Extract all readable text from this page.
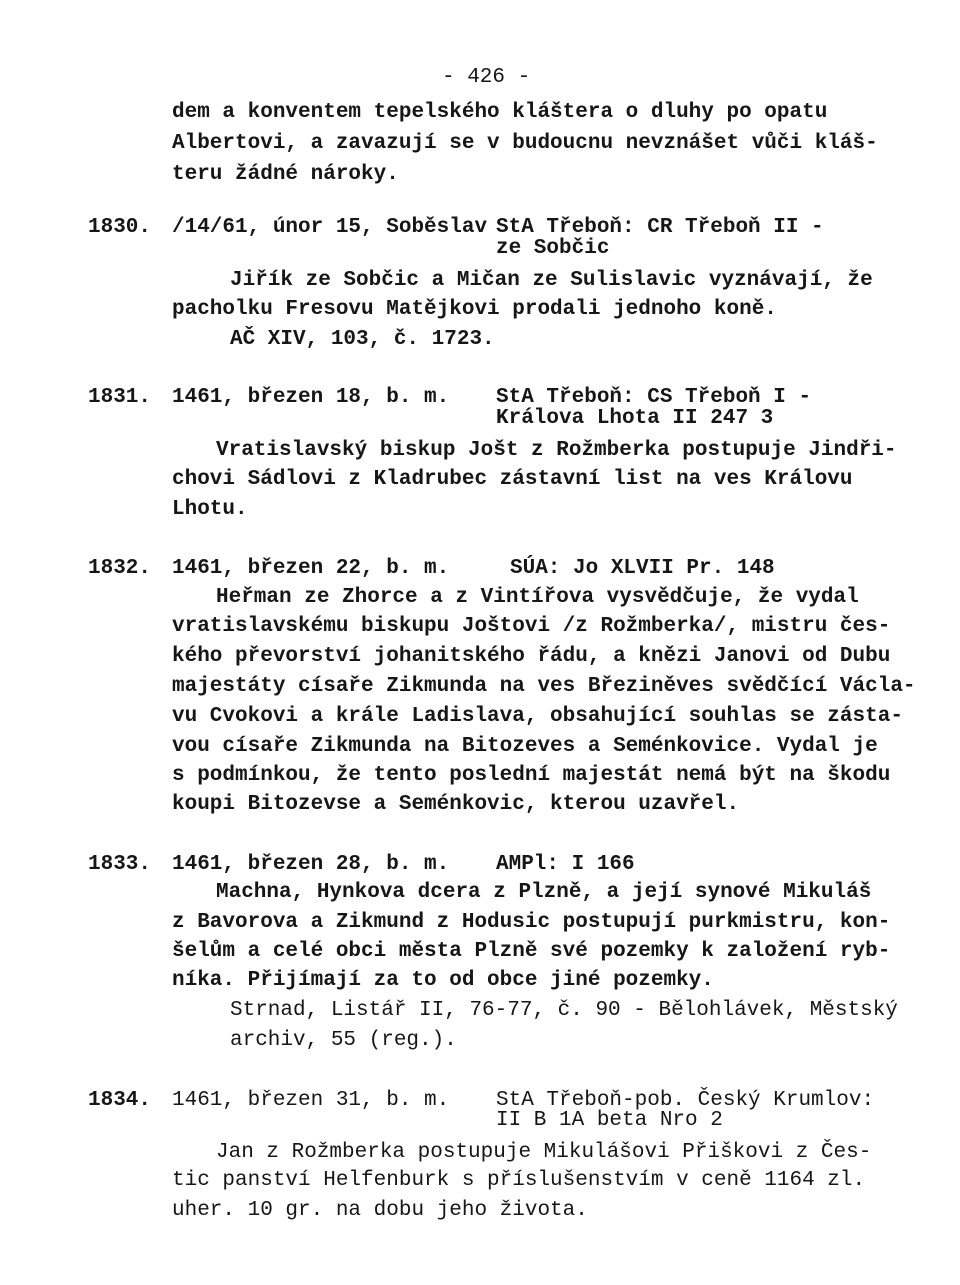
- 426 -
dem a konventem tepelského kláštera o dluhy po opatu
Albertovi, a zavazují se v budoucnu nevznášet vůči kláš-
teru žádné nároky.
1830. /14/61, únor 15, Soběslav StA Třeboň: CR Třeboň II -
ze Sobčic
Jiřík ze Sobčic a Mičan ze Sulislavic vyznávají, že
pacholku Fresovu Matějkovi prodali jednoho koně.
AČ XIV, 103, č. 1723.
1831. 1461, březen 18, b. m. StA Třeboň: CS Třeboň I -
Králova Lhota II 247 3
Vratislavský biskup Jošt z Rožmberka postupuje Jindři-
chovi Sádlovi z Kladrubec zástavní list na ves Královu
Lhotu.
1832. 1461, březen 22, b. m.	SÚA: Jo XLVII Pr. 148
Heřman ze Zhorce a z Vintířova vysvědčuje, že vydal
vratislavskému biskupu Joštovi /z Rožmberka/, mistru čes-
kého převorství johanitského řádu, a knězi Janovi od Dubu
majestáty císaře Zikmunda na ves Březiněves svědčící Václa-
vu Cvokovi a krále Ladislava, obsahující souhlas se zásta-
vou císaře Zikmunda na Bitozeves a Seménkovice. Vydal je
s podmínkou, že tento poslední majestát nemá být na škodu
koupi Bitozevse a Seménkovic, kterou uzavřel.
1833. 1461, březen 28, b. m. AMPl: I 166
Machna, Hynkova dcera z Plzně, a její synové Mikuláš
z Bavorova a Zikmund z Hodusic postupují purkmistru, kon-
šelům a celé obci města Plzně své pozemky k založení ryb-
níka. Přijímají za to od obce jiné pozemky.
Strnad, Listář II, 76-77, č. 90 - Bělohlávek, Městský
archiv, 55 (reg.).
1834. 1461, březen 31, b. m. StA Třeboň-pob. Český Krumlov:
II B 1A beta Nro 2
Jan z Rožmberka postupuje Mikulášovi Přiškovi z Čes-
tic panství Helfenburk s příslušenstvím v ceně 1164 zl.
uher. 10 gr. na dobu jeho života.
